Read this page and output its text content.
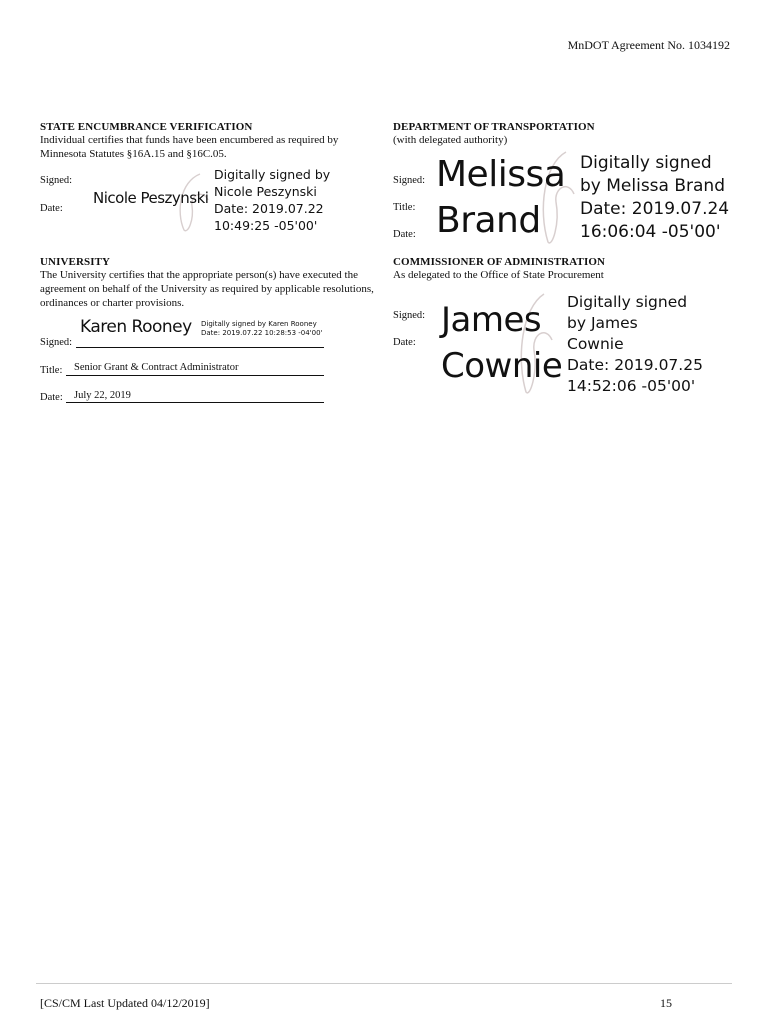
MnDOT Agreement No. 1034192
STATE ENCUMBRANCE VERIFICATION
Individual certifies that funds have been encumbered as required by Minnesota Statutes §16A.15 and §16C.05.
Signed:
Date:
Nicole Peszynski
Digitally signed by
Nicole Peszynski
Date: 2019.07.22
10:49:25 -05'00'
DEPARTMENT OF TRANSPORTATION
(with delegated authority)
Signed:
Title:
Date:
Melissa
Brand
Digitally signed
by Melissa Brand
Date: 2019.07.24
16:06:04 -05'00'
UNIVERSITY
The University certifies that the appropriate person(s) have executed the agreement on behalf of the University as required by applicable resolutions, ordinances or charter provisions.
Karen Rooney Digitally signed by Karen Rooney
Date: 2019.07.22 10:28:53 -04'00'
Signed:
Title: Senior Grant & Contract Administrator
Date: July 22, 2019
COMMISSIONER OF ADMINISTRATION
As delegated to the Office of State Procurement
Signed:
Date:
James
Cownie
Digitally signed
by James
Cownie
Date: 2019.07.25
14:52:06 -05'00'
[CS/CM Last Updated 04/12/2019]	15
